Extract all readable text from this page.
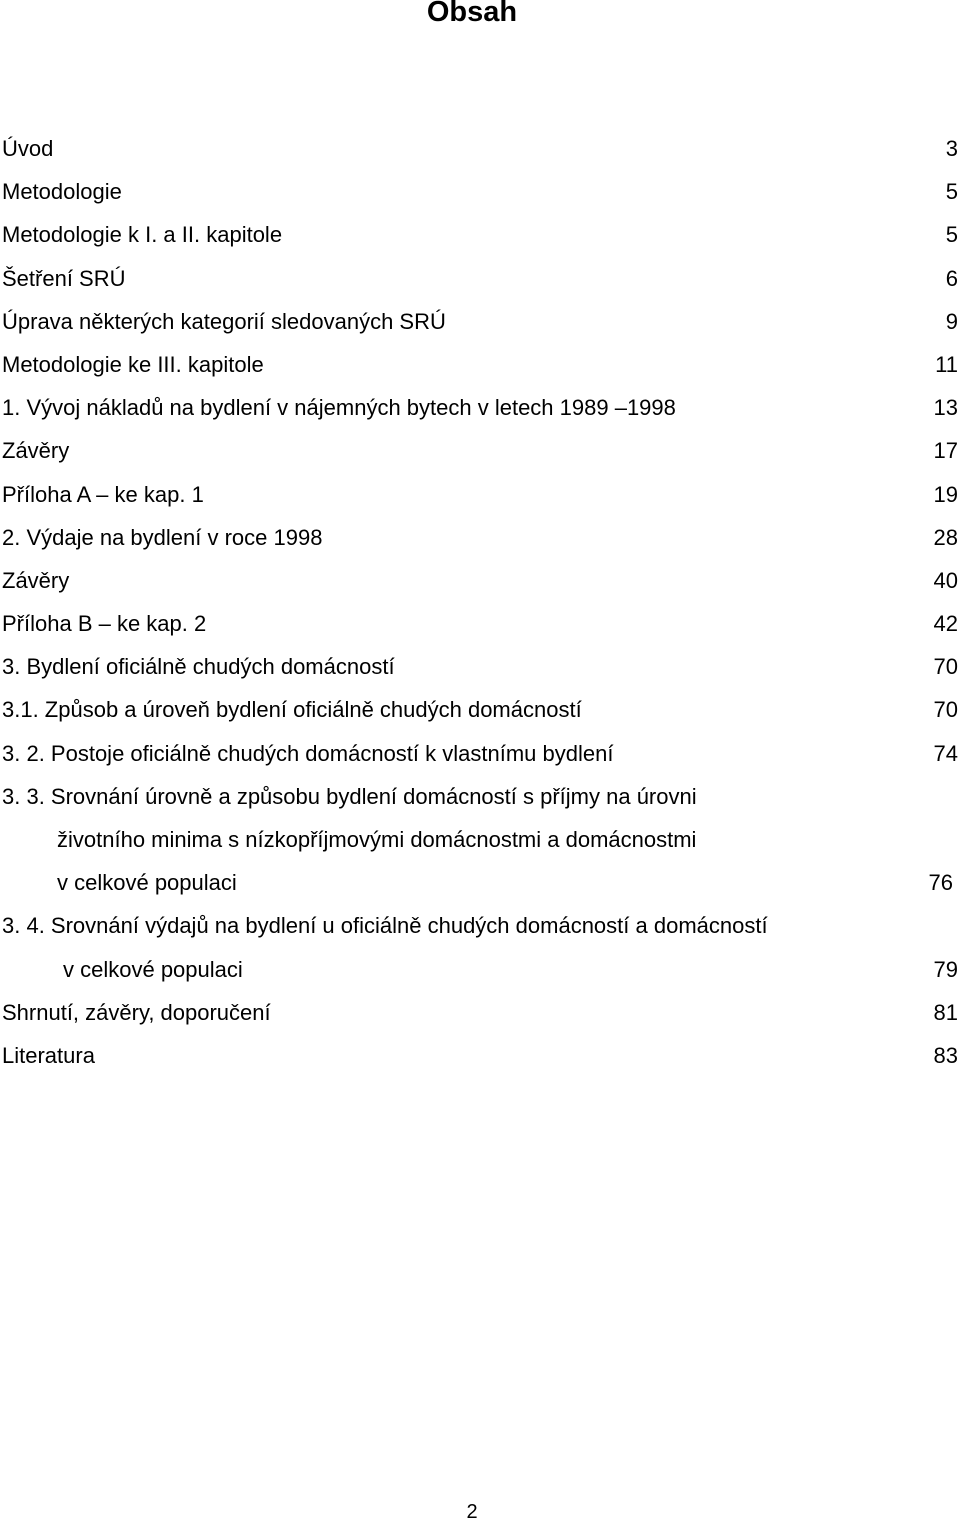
Obsah
Úvod	3
Metodologie	5
Metodologie k I. a II. kapitole	5
Šetření SRÚ	6
Úprava některých kategorií sledovaných SRÚ	9
Metodologie ke III. kapitole	11
1. Vývoj nákladů na bydlení v nájemných bytech v letech 1989 –1998	13
Závěry	17
Příloha A – ke kap. 1	19
2. Výdaje na bydlení v roce 1998	28
Závěry	40
Příloha B – ke kap. 2	42
3. Bydlení oficiálně chudých domácností	70
3.1. Způsob a úroveň bydlení oficiálně chudých domácností	70
3. 2. Postoje oficiálně chudých domácností k vlastnímu bydlení	74
3. 3. Srovnání úrovně a způsobu bydlení domácností s příjmy na úrovni
životního minima s nízkopříjmovými domácnostmi a domácnostmi
v celkové populaci	76
3. 4. Srovnání výdajů na bydlení u oficiálně chudých domácností a domácností
v celkové populaci	79
Shrnutí, závěry, doporučení	81
Literatura	83
2
